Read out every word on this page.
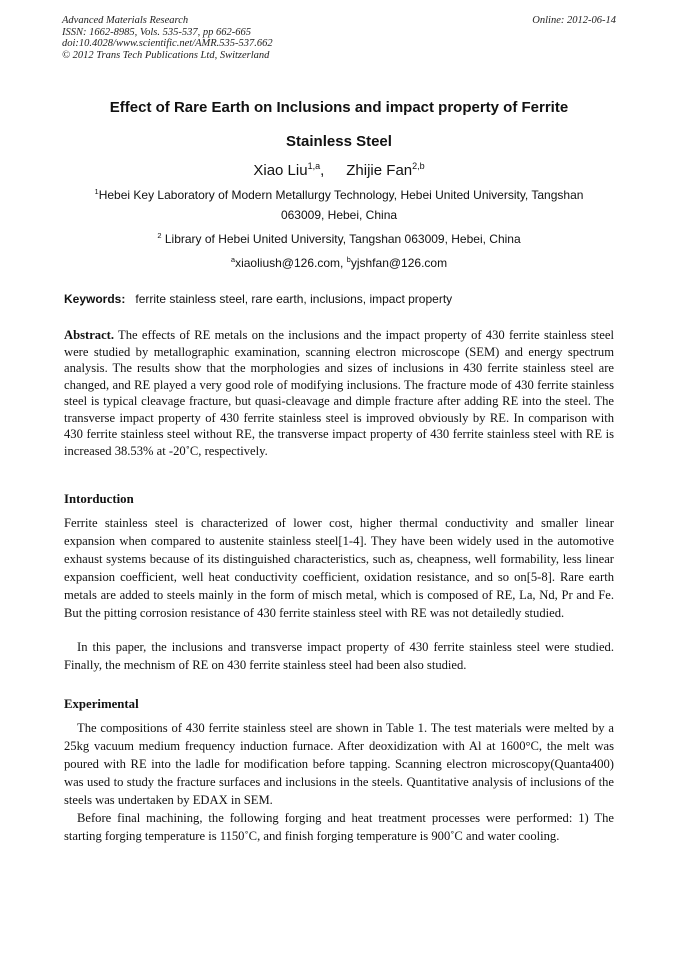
Advanced Materials Research
ISSN: 1662-8985, Vols. 535-537, pp 662-665
doi:10.4028/www.scientific.net/AMR.535-537.662
© 2012 Trans Tech Publications Ltd, Switzerland
Online: 2012-06-14
Effect of Rare Earth on Inclusions and impact property of Ferrite
Stainless Steel
Xiao Liu$^{1,a}$, Zhijie Fan$^{2,b}$
$^1$Hebei Key Laboratory of Modern Metallurgy Technology, Hebei United University, Tangshan 063009, Hebei, China
$^2$ Library of Hebei United University, Tangshan 063009, Hebei, China
$^a$xiaoliush@126.com, $^b$yjshfan@126.com
Keywords: ferrite stainless steel, rare earth, inclusions, impact property
Abstract. The effects of RE metals on the inclusions and the impact property of 430 ferrite stainless steel were studied by metallographic examination, scanning electron microscope (SEM) and energy spectrum analysis. The results show that the morphologies and sizes of inclusions in 430 ferrite stainless steel are changed, and RE played a very good role of modifying inclusions. The fracture mode of 430 ferrite stainless steel is typical cleavage fracture, but quasi-cleavage and dimple fracture after adding RE into the steel. The transverse impact property of 430 ferrite stainless steel is improved obviously by RE. In comparison with 430 ferrite stainless steel without RE, the transverse impact property of 430 ferrite stainless steel with RE is increased 38.53% at -20˚C, respectively.
Intorduction
Ferrite stainless steel is characterized of lower cost, higher thermal conductivity and smaller linear expansion when compared to austenite stainless steel[1-4]. They have been widely used in the automotive exhaust systems because of its distinguished characteristics, such as, cheapness, well formability, less linear expansion coefficient, well heat conductivity coefficient, oxidation resistance, and so on[5-8]. Rare earth metals are added to steels mainly in the form of misch metal, which is composed of RE, La, Nd, Pr and Fe. But the pitting corrosion resistance of 430 ferrite stainless steel with RE was not detailedly studied.
In this paper, the inclusions and transverse impact property of 430 ferrite stainless steel were studied. Finally, the mechnism of RE on 430 ferrite stainless steel had been also studied.
Experimental
The compositions of 430 ferrite stainless steel are shown in Table 1. The test materials were melted by a 25kg vacuum medium frequency induction furnace. After deoxidization with Al at 1600°C, the melt was poured with RE into the ladle for modification before tapping. Scanning electron microscopy(Quanta400) was used to study the fracture surfaces and inclusions in the steels. Quantitative analysis of inclusions of the steels was undertaken by EDAX in SEM.
Before final machining, the following forging and heat treatment processes were performed: 1) The starting forging temperature is 1150˚C, and finish forging temperature is 900˚C and water cooling.
